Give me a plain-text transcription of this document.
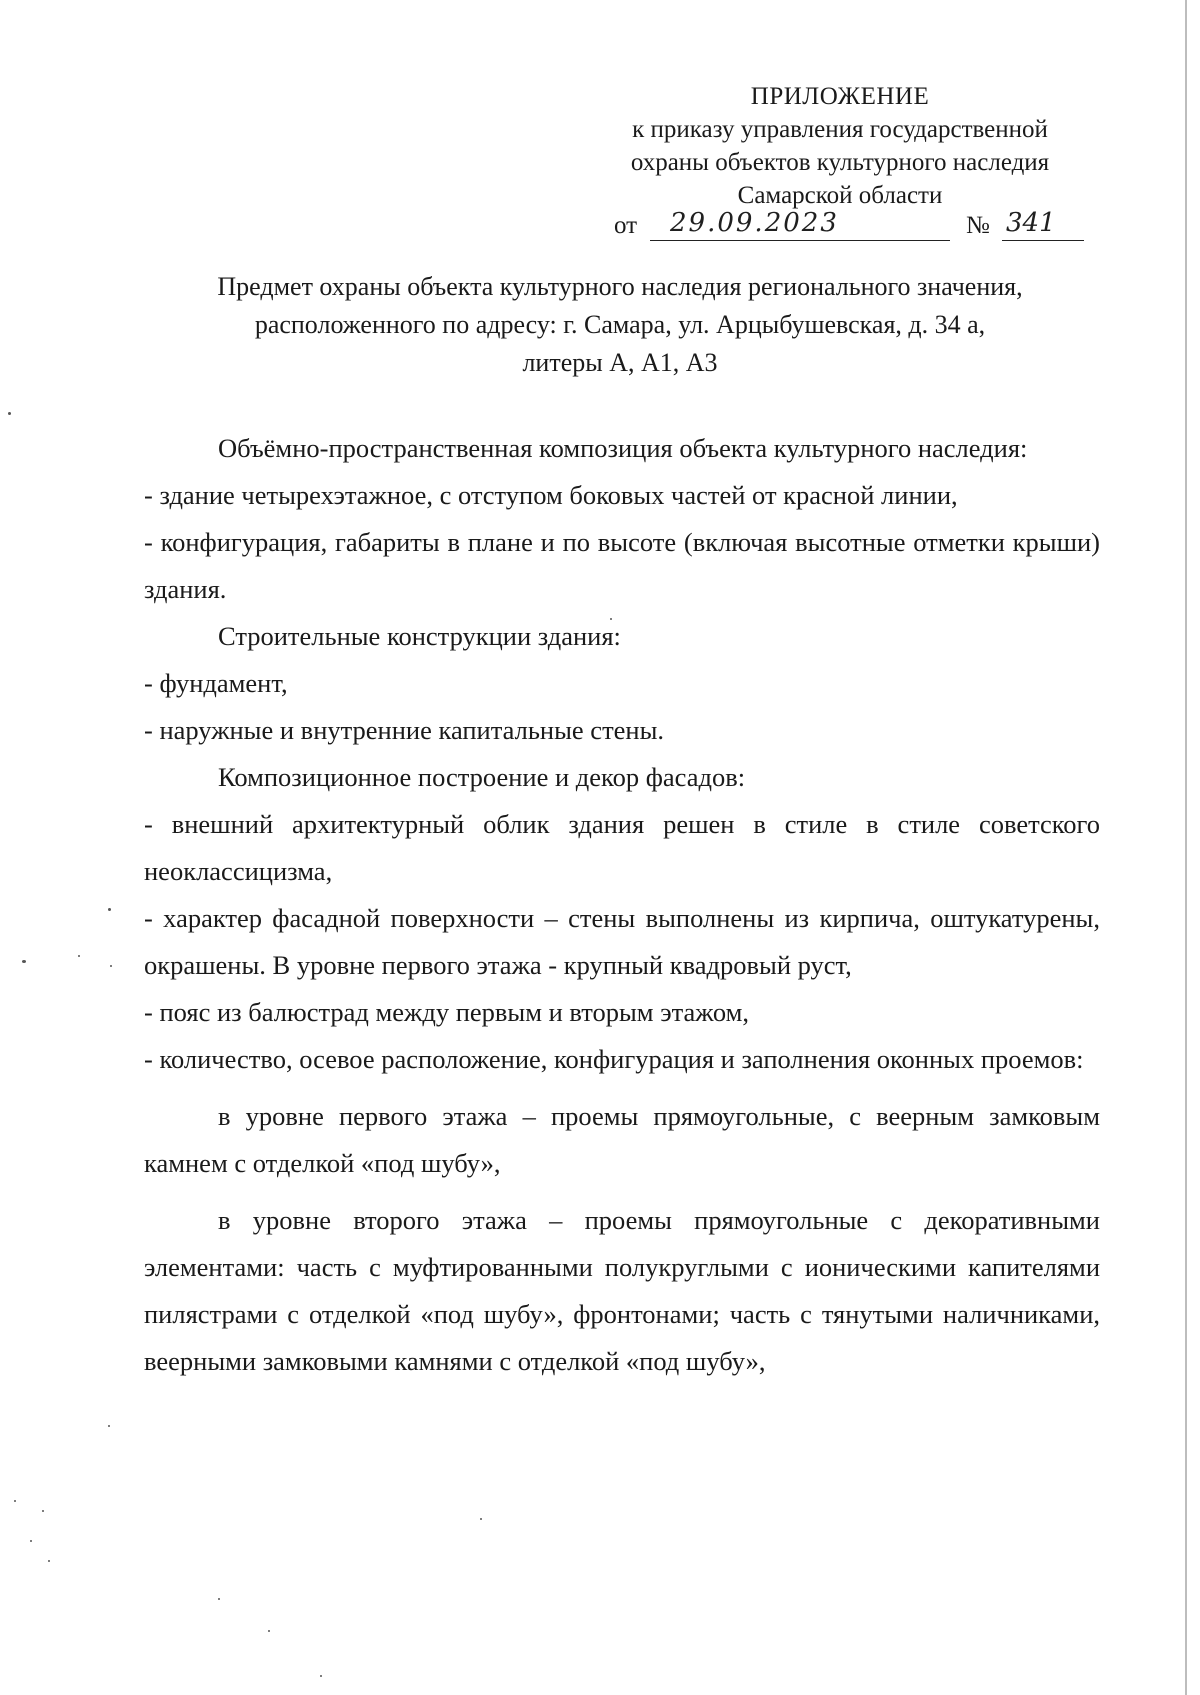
ПРИЛОЖЕНИЕ
к приказу управления государственной
охраны объектов культурного наследия
Самарской области
от 29.09.2023	№ 341
Предмет охраны объекта культурного наследия регионального значения,
расположенного по адресу: г. Самара, ул. Арцыбушевская, д. 34 а,
литеры А, А1, А3

Объёмно-пространственная композиция объекта культурного наследия:

- здание четырехэтажное, с отступом боковых частей от красной линии,

- конфигурация, габариты в плане и по высоте (включая высотные отметки крыши) здания.

Строительные конструкции здания:

- фундамент,

- наружные и внутренние капитальные стены.

Композиционное построение и декор фасадов:

- внешний архитектурный облик здания решен в стиле в стиле советского неоклассицизма,

- характер фасадной поверхности – стены выполнены из кирпича, оштукатурены, окрашены. В уровне первого этажа - крупный квадровый руст,

- пояс из балюстрад между первым и вторым этажом,

- количество, осевое расположение, конфигурация и заполнения оконных проемов:

в уровне первого этажа – проемы прямоугольные, с веерным замковым камнем с отделкой «под шубу»,

в уровне второго этажа – проемы прямоугольные с декоративными элементами: часть с муфтированными полукруглыми с ионическими капителями пилястрами с отделкой «под шубу», фронтонами; часть с тянутыми наличниками, веерными замковыми камнями с отделкой «под шубу»,
